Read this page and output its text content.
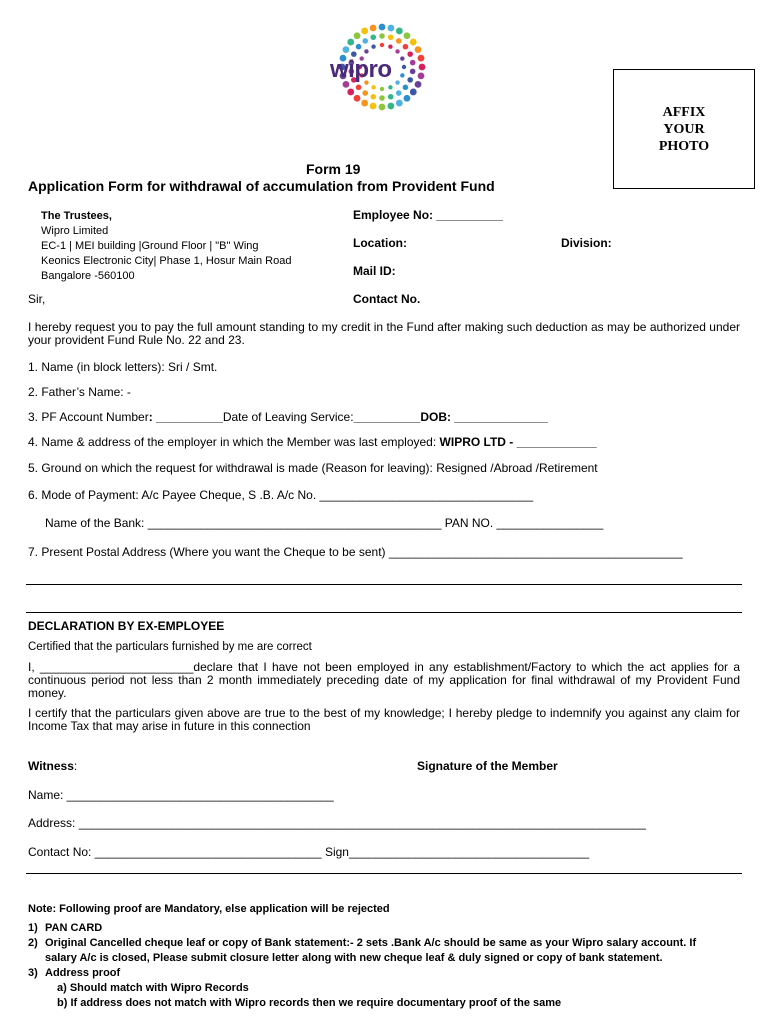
wipro
AFFIX
YOUR
PHOTO
Form 19
Application Form for withdrawal of accumulation from Provident Fund
The Trustees,
Wipro Limited
EC-1 | MEI building |Ground Floor | "B" Wing
Keonics Electronic City| Phase 1, Hosur Main Road
Bangalore -560100
Employee No: __________
Location:	Division:
Mail ID:
Contact No.
Sir,
I hereby request you to pay the full amount standing to my credit in the Fund after making such deduction as may be authorized under your provident Fund Rule No. 22 and 23.
1. Name (in block letters): Sri / Smt.
2. Father’s Name: -
3. PF Account Number: __________Date of Leaving Service:__________DOB: ______________
4. Name & address of the employer in which the Member was last employed: WIPRO LTD - ____________
5. Ground on which the request for withdrawal is made (Reason for leaving): Resigned /Abroad /Retirement
6. Mode of Payment: A/c Payee Cheque, S .B. A/c No. ________________________________
Name of the Bank: ____________________________________________ PAN NO. ________________
7. Present Postal Address (Where you want the Cheque to be sent) ____________________________________________
DECLARATION BY EX-EMPLOYEE
Certified that the particulars furnished by me are correct
I, _______________________declare that I have not been employed in any establishment/Factory to which the act applies for a continuous period not less than 2 month immediately preceding date of my application for final withdrawal of my Provident Fund money.
I certify that the particulars given above are true to the best of my knowledge; I hereby pledge to indemnify you against any claim for Income Tax that may arise in future in this connection
Witness:	Signature of the Member
Name: ________________________________________
Address: _____________________________________________________________________________________
Contact No: __________________________________ Sign____________________________________
Note: Following proof are Mandatory, else application will be rejected
1) PAN CARD
2) Original Cancelled cheque leaf or copy of Bank statement:- 2 sets .Bank A/c should be same as your Wipro salary account. If
salary A/c is closed, Please submit closure letter along with new cheque leaf & duly signed or copy of bank statement.
3) Address proof
a) Should match with Wipro Records
b) If address does not match with Wipro records then we require documentary proof of the same
